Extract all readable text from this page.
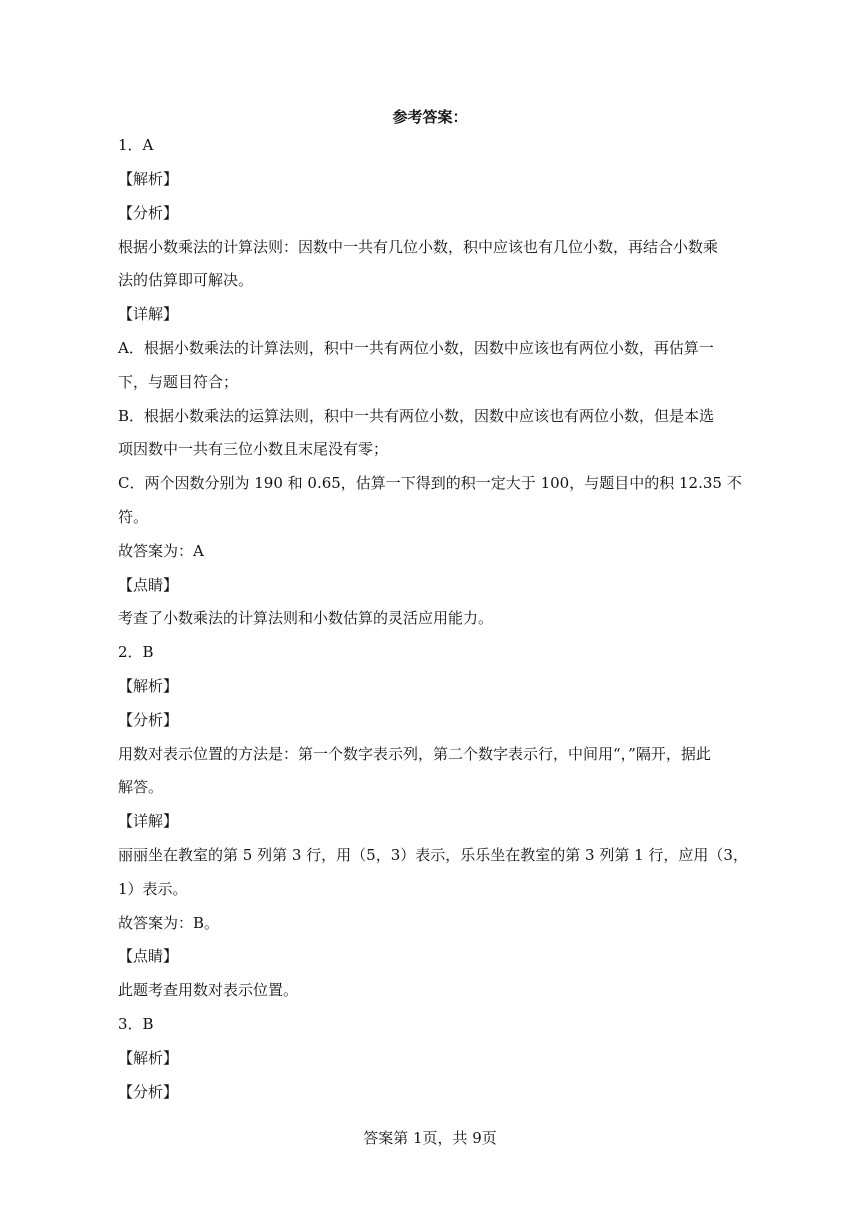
参考答案：
1．A
【解析】
【分析】
根据小数乘法的计算法则：因数中一共有几位小数，积中应该也有几位小数，再结合小数乘
法的估算即可解决。
【详解】
A．根据小数乘法的计算法则，积中一共有两位小数，因数中应该也有两位小数，再估算一
下，与题目符合；
B．根据小数乘法的运算法则，积中一共有两位小数，因数中应该也有两位小数，但是本选
项因数中一共有三位小数且末尾没有零；
C．两个因数分别为 190 和 0.65，估算一下得到的积一定大于 100，与题目中的积 12.35 不
符。
故答案为：A
【点睛】
考查了小数乘法的计算法则和小数估算的灵活应用能力。
2．B
【解析】
【分析】
用数对表示位置的方法是：第一个数字表示列，第二个数字表示行，中间用“，”隔开，据此
解答。
【详解】
丽丽坐在教室的第 5 列第 3 行，用（5，3）表示，乐乐坐在教室的第 3 列第 1 行，应用（3，
1）表示。
故答案为：B。
【点睛】
此题考查用数对表示位置。
3．B
【解析】
【分析】
答案第 1页，共 9页
